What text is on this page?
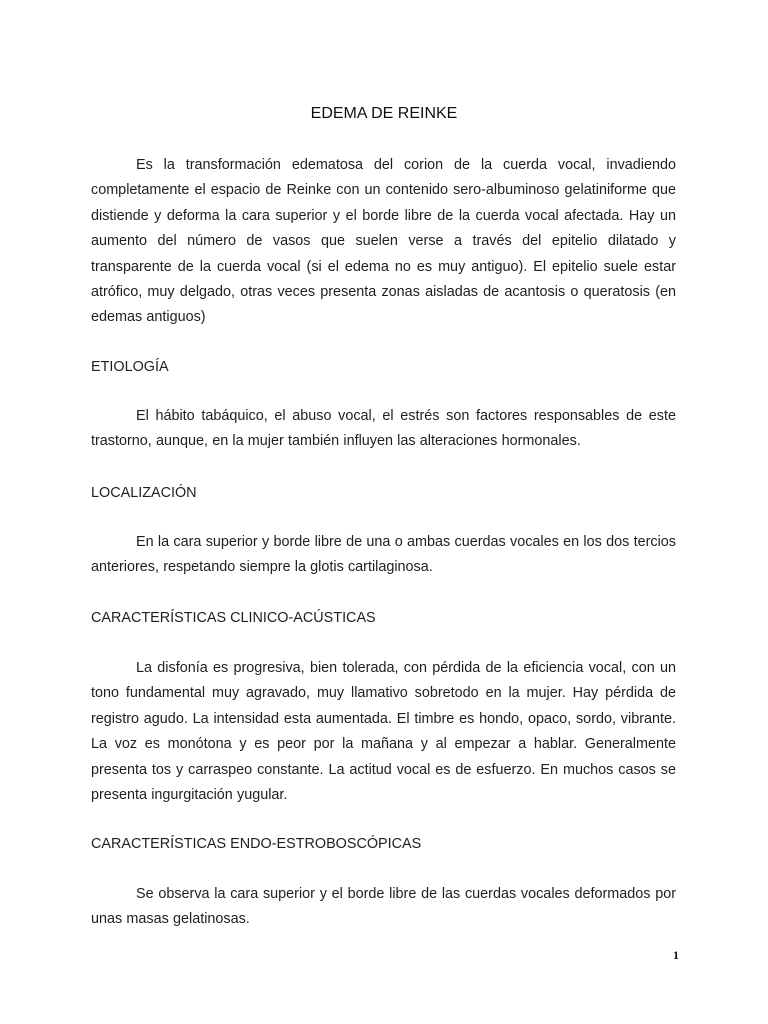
EDEMA DE REINKE

Es la transformación edematosa del corion de la cuerda vocal, invadiendo completamente el espacio de Reinke con un contenido sero-albuminoso gelatiniforme que distiende y deforma la cara superior y el borde libre de la cuerda vocal afectada. Hay un aumento del número de vasos que suelen verse a través del epitelio dilatado y transparente de la cuerda vocal (si el edema no es muy antiguo). El epitelio suele estar atrófico, muy delgado, otras veces presenta zonas aisladas de acantosis o queratosis (en edemas antiguos)

ETIOLOGÍA

El hábito tabáquico, el abuso vocal, el estrés son factores responsables de este trastorno, aunque, en la mujer también influyen las alteraciones hormonales.

LOCALIZACIÓN

En la cara superior y borde libre de una o ambas cuerdas vocales en los dos tercios anteriores, respetando siempre la glotis cartilaginosa.

CARACTERÍSTICAS CLINICO-ACÚSTICAS

La disfonía es progresiva, bien tolerada, con pérdida de la eficiencia vocal, con un tono fundamental muy agravado, muy llamativo sobretodo en la mujer. Hay pérdida de registro agudo. La intensidad esta aumentada. El timbre es hondo, opaco, sordo, vibrante. La voz es monótona y es peor por la mañana y al empezar a hablar. Generalmente presenta tos y carraspeo constante. La actitud vocal es de esfuerzo. En muchos casos se presenta ingurgitación yugular.

CARACTERÍSTICAS ENDO-ESTROBOSCÓPICAS

Se observa la cara superior y el borde libre de las cuerdas vocales deformados por unas masas gelatinosas.

1
